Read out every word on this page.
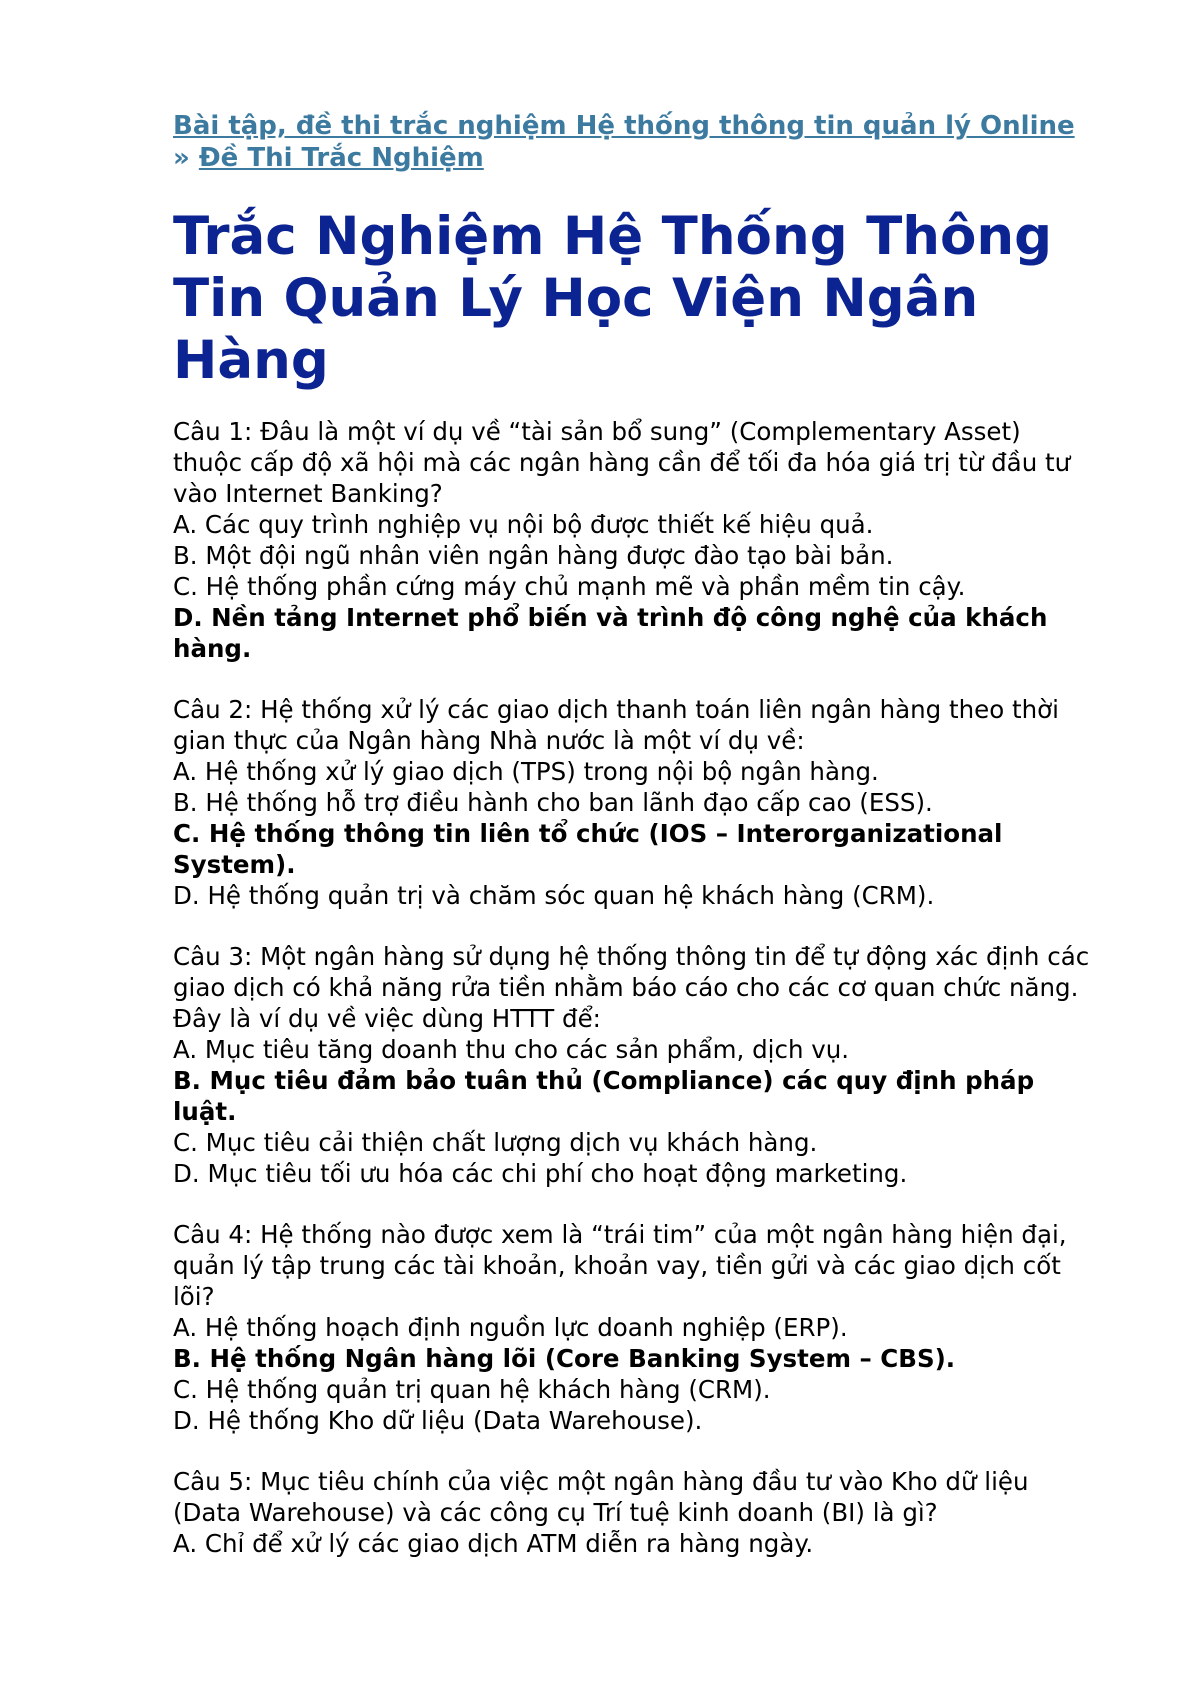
Bài tập, đề thi trắc nghiệm Hệ thống thông tin quản lý Online
» Đề Thi Trắc Nghiệm
Trắc Nghiệm Hệ Thống Thông Tin Quản Lý Học Viện Ngân Hàng
Câu 1: Đâu là một ví dụ về “tài sản bổ sung” (Complementary Asset) thuộc cấp độ xã hội mà các ngân hàng cần để tối đa hóa giá trị từ đầu tư vào Internet Banking?
A. Các quy trình nghiệp vụ nội bộ được thiết kế hiệu quả.
B. Một đội ngũ nhân viên ngân hàng được đào tạo bài bản.
C. Hệ thống phần cứng máy chủ mạnh mẽ và phần mềm tin cậy.
D. Nền tảng Internet phổ biến và trình độ công nghệ của khách hàng.
Câu 2: Hệ thống xử lý các giao dịch thanh toán liên ngân hàng theo thời gian thực của Ngân hàng Nhà nước là một ví dụ về:
A. Hệ thống xử lý giao dịch (TPS) trong nội bộ ngân hàng.
B. Hệ thống hỗ trợ điều hành cho ban lãnh đạo cấp cao (ESS).
C. Hệ thống thông tin liên tổ chức (IOS – Interorganizational System).
D. Hệ thống quản trị và chăm sóc quan hệ khách hàng (CRM).
Câu 3: Một ngân hàng sử dụng hệ thống thông tin để tự động xác định các giao dịch có khả năng rửa tiền nhằm báo cáo cho các cơ quan chức năng. Đây là ví dụ về việc dùng HTTT để:
A. Mục tiêu tăng doanh thu cho các sản phẩm, dịch vụ.
B. Mục tiêu đảm bảo tuân thủ (Compliance) các quy định pháp luật.
C. Mục tiêu cải thiện chất lượng dịch vụ khách hàng.
D. Mục tiêu tối ưu hóa các chi phí cho hoạt động marketing.
Câu 4: Hệ thống nào được xem là “trái tim” của một ngân hàng hiện đại, quản lý tập trung các tài khoản, khoản vay, tiền gửi và các giao dịch cốt lõi?
A. Hệ thống hoạch định nguồn lực doanh nghiệp (ERP).
B. Hệ thống Ngân hàng lõi (Core Banking System – CBS).
C. Hệ thống quản trị quan hệ khách hàng (CRM).
D. Hệ thống Kho dữ liệu (Data Warehouse).
Câu 5: Mục tiêu chính của việc một ngân hàng đầu tư vào Kho dữ liệu (Data Warehouse) và các công cụ Trí tuệ kinh doanh (BI) là gì?
A. Chỉ để xử lý các giao dịch ATM diễn ra hàng ngày.
